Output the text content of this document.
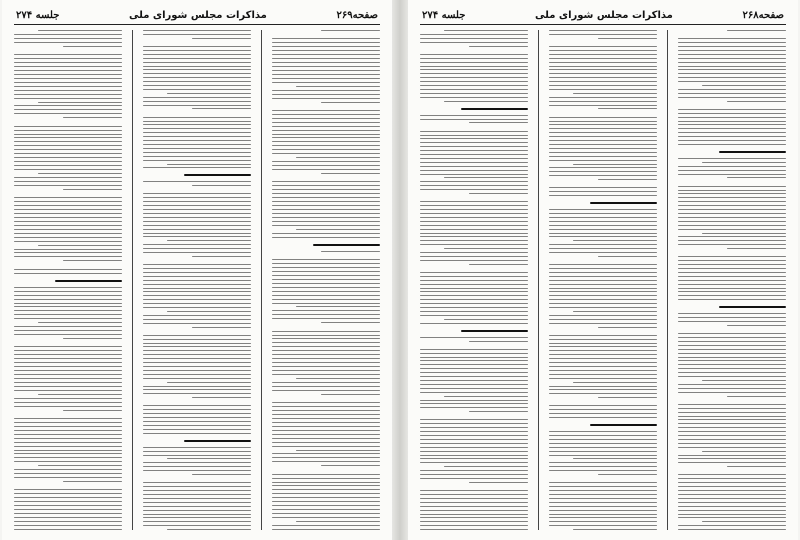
صفحه۲۶۹
مذاکرات مجلس شورای ملی
جلسه ۲۷۴	صفحه۲۶۸
مذاکرات مجلس شورای ملی
جلسه ۲۷۴
